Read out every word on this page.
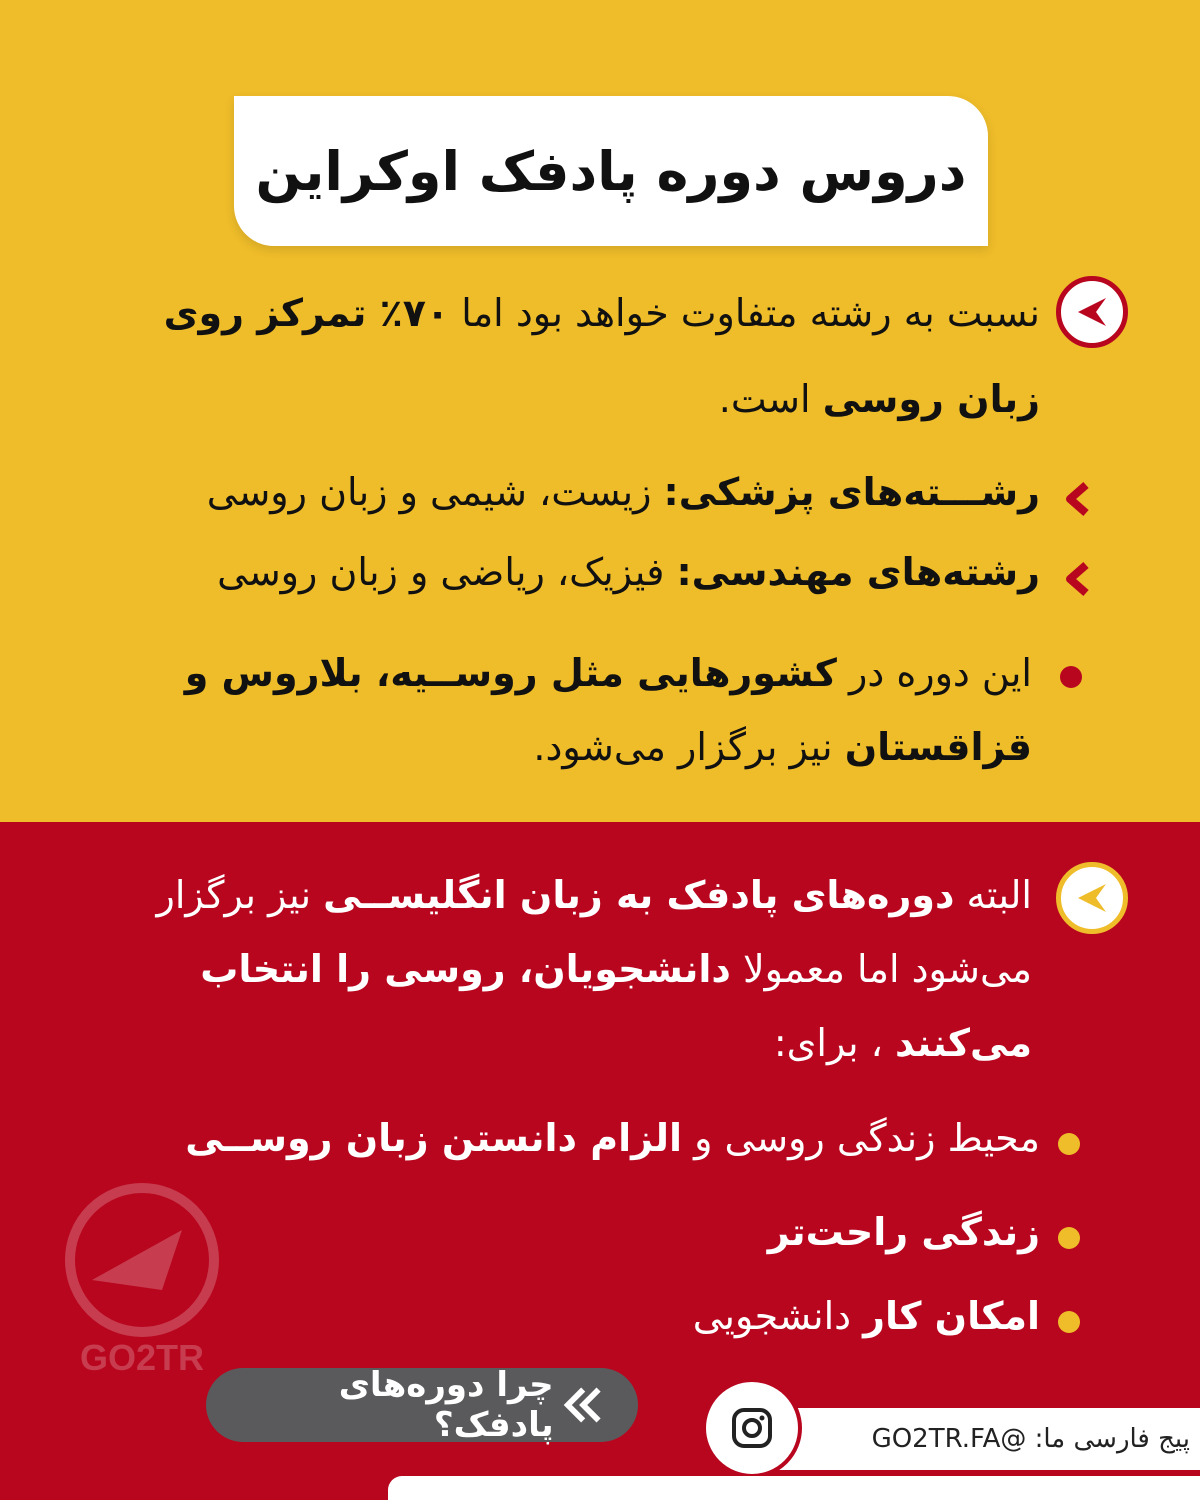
دروس دوره پادفک اوکراین
نسبت به رشته متفاوت خواهد بود اما ۷۰٪ تمرکز روی زبان روسی است.
رشـــته‌های پزشکی: زیست، شیمی و زبان روسی
رشته‌های مهندسی: فیزیک، ریاضی و زبان روسی
این دوره در کشورهایی مثل روســیه، بلاروس و قزاقستان نیز برگزار می‌شود.
البته دوره‌های پادفک به زبان انگلیســی نیز برگزار می‌شود اما معمولا دانشجویان، روسی را انتخاب می‌کنند ، برای:
محیط زندگی روسی و الزام دانستن زبان روســی
زندگی راحت‌تر
امکان کار دانشجویی
GO2TR
چرا دوره‌های پادفک؟	پیج فارسی ما: @GO2TR.FA
